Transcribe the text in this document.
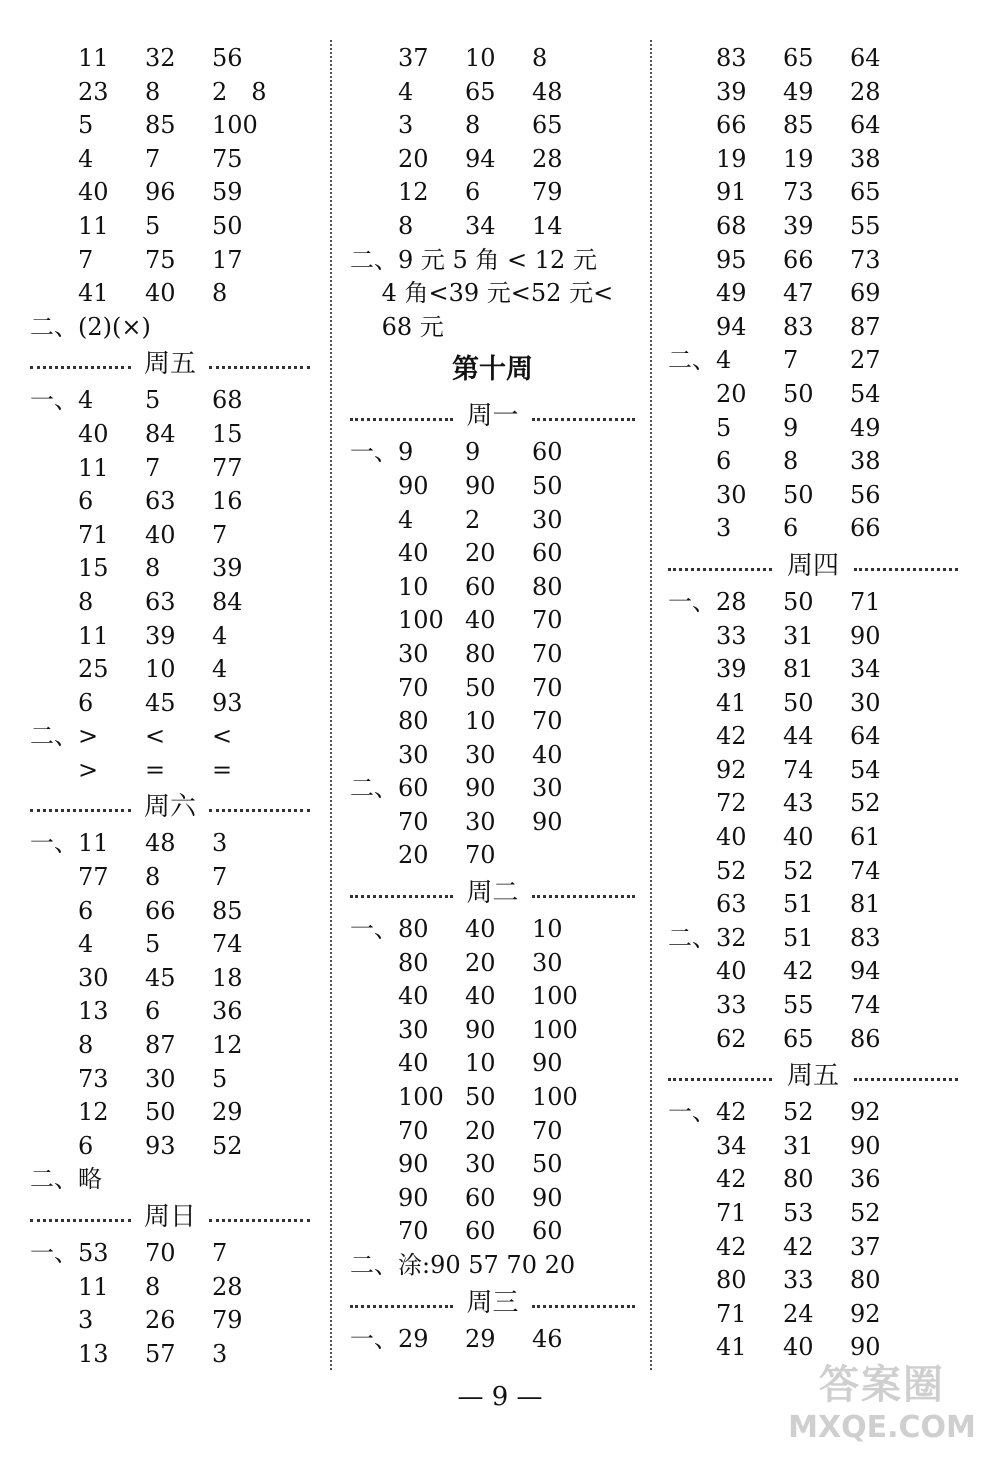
11 32 56
23 8 2　8
5 85 100
4 7 75
40 96 59
11 5 50
7 75 17
41 40 8
二、(2)(×)
周五
一、 4 5 68
40 84 15
11 7 77
6 63 16
71 40 7
15 8 39
8 63 84
11 39 4
25 10 4
6 45 93
二、 > < <
> = =
周六
一、 11 48 3
77 8 7
6 66 85
4 5 74
30 45 18
13 6 36
8 87 12
73 30 5
12 50 29
6 93 52
二、略
周日
一、 53 70 7
11 8 28
3 26 79
13 57 3
37 10 8
4 65 48
3 8 65
20 94 28
12 6 79
8 34 14
二、9 元 5 角 < 12 元
　 4 角<39 元<52 元<
　 68 元
第十周
周一
一、 9 9 60
90 90 50
4 2 30
40 20 60
10 60 80
100 40 70
30 80 70
70 50 70
80 10 70
30 30 40
二、 60 90 30
70 30 90
20 70
周二
一、 80 40 10
80 20 30
40 40 100
30 90 100
40 10 90
100 50 100
70 20 70
90 30 50
90 60 90
70 60 60
二、涂:90 57 70 20
周三
一、 29 29 46
83 65 64
39 49 28
66 85 64
19 19 38
91 73 65
68 39 55
95 66 73
49 47 69
94 83 87
二、 4 7 27
20 50 54
5 9 49
6 8 38
30 50 56
3 6 66
周四
一、 28 50 71
33 31 90
39 81 34
41 50 30
42 44 64
92 74 54
72 43 52
40 40 61
52 52 74
63 51 81
二、 32 51 83
40 42 94
33 55 74
62 65 86
周五
一、 42 52 92
34 31 90
42 80 36
71 53 52
42 42 37
80 33 80
71 24 92
41 40 90
— 9 —	答案圈
MXQE.COM
